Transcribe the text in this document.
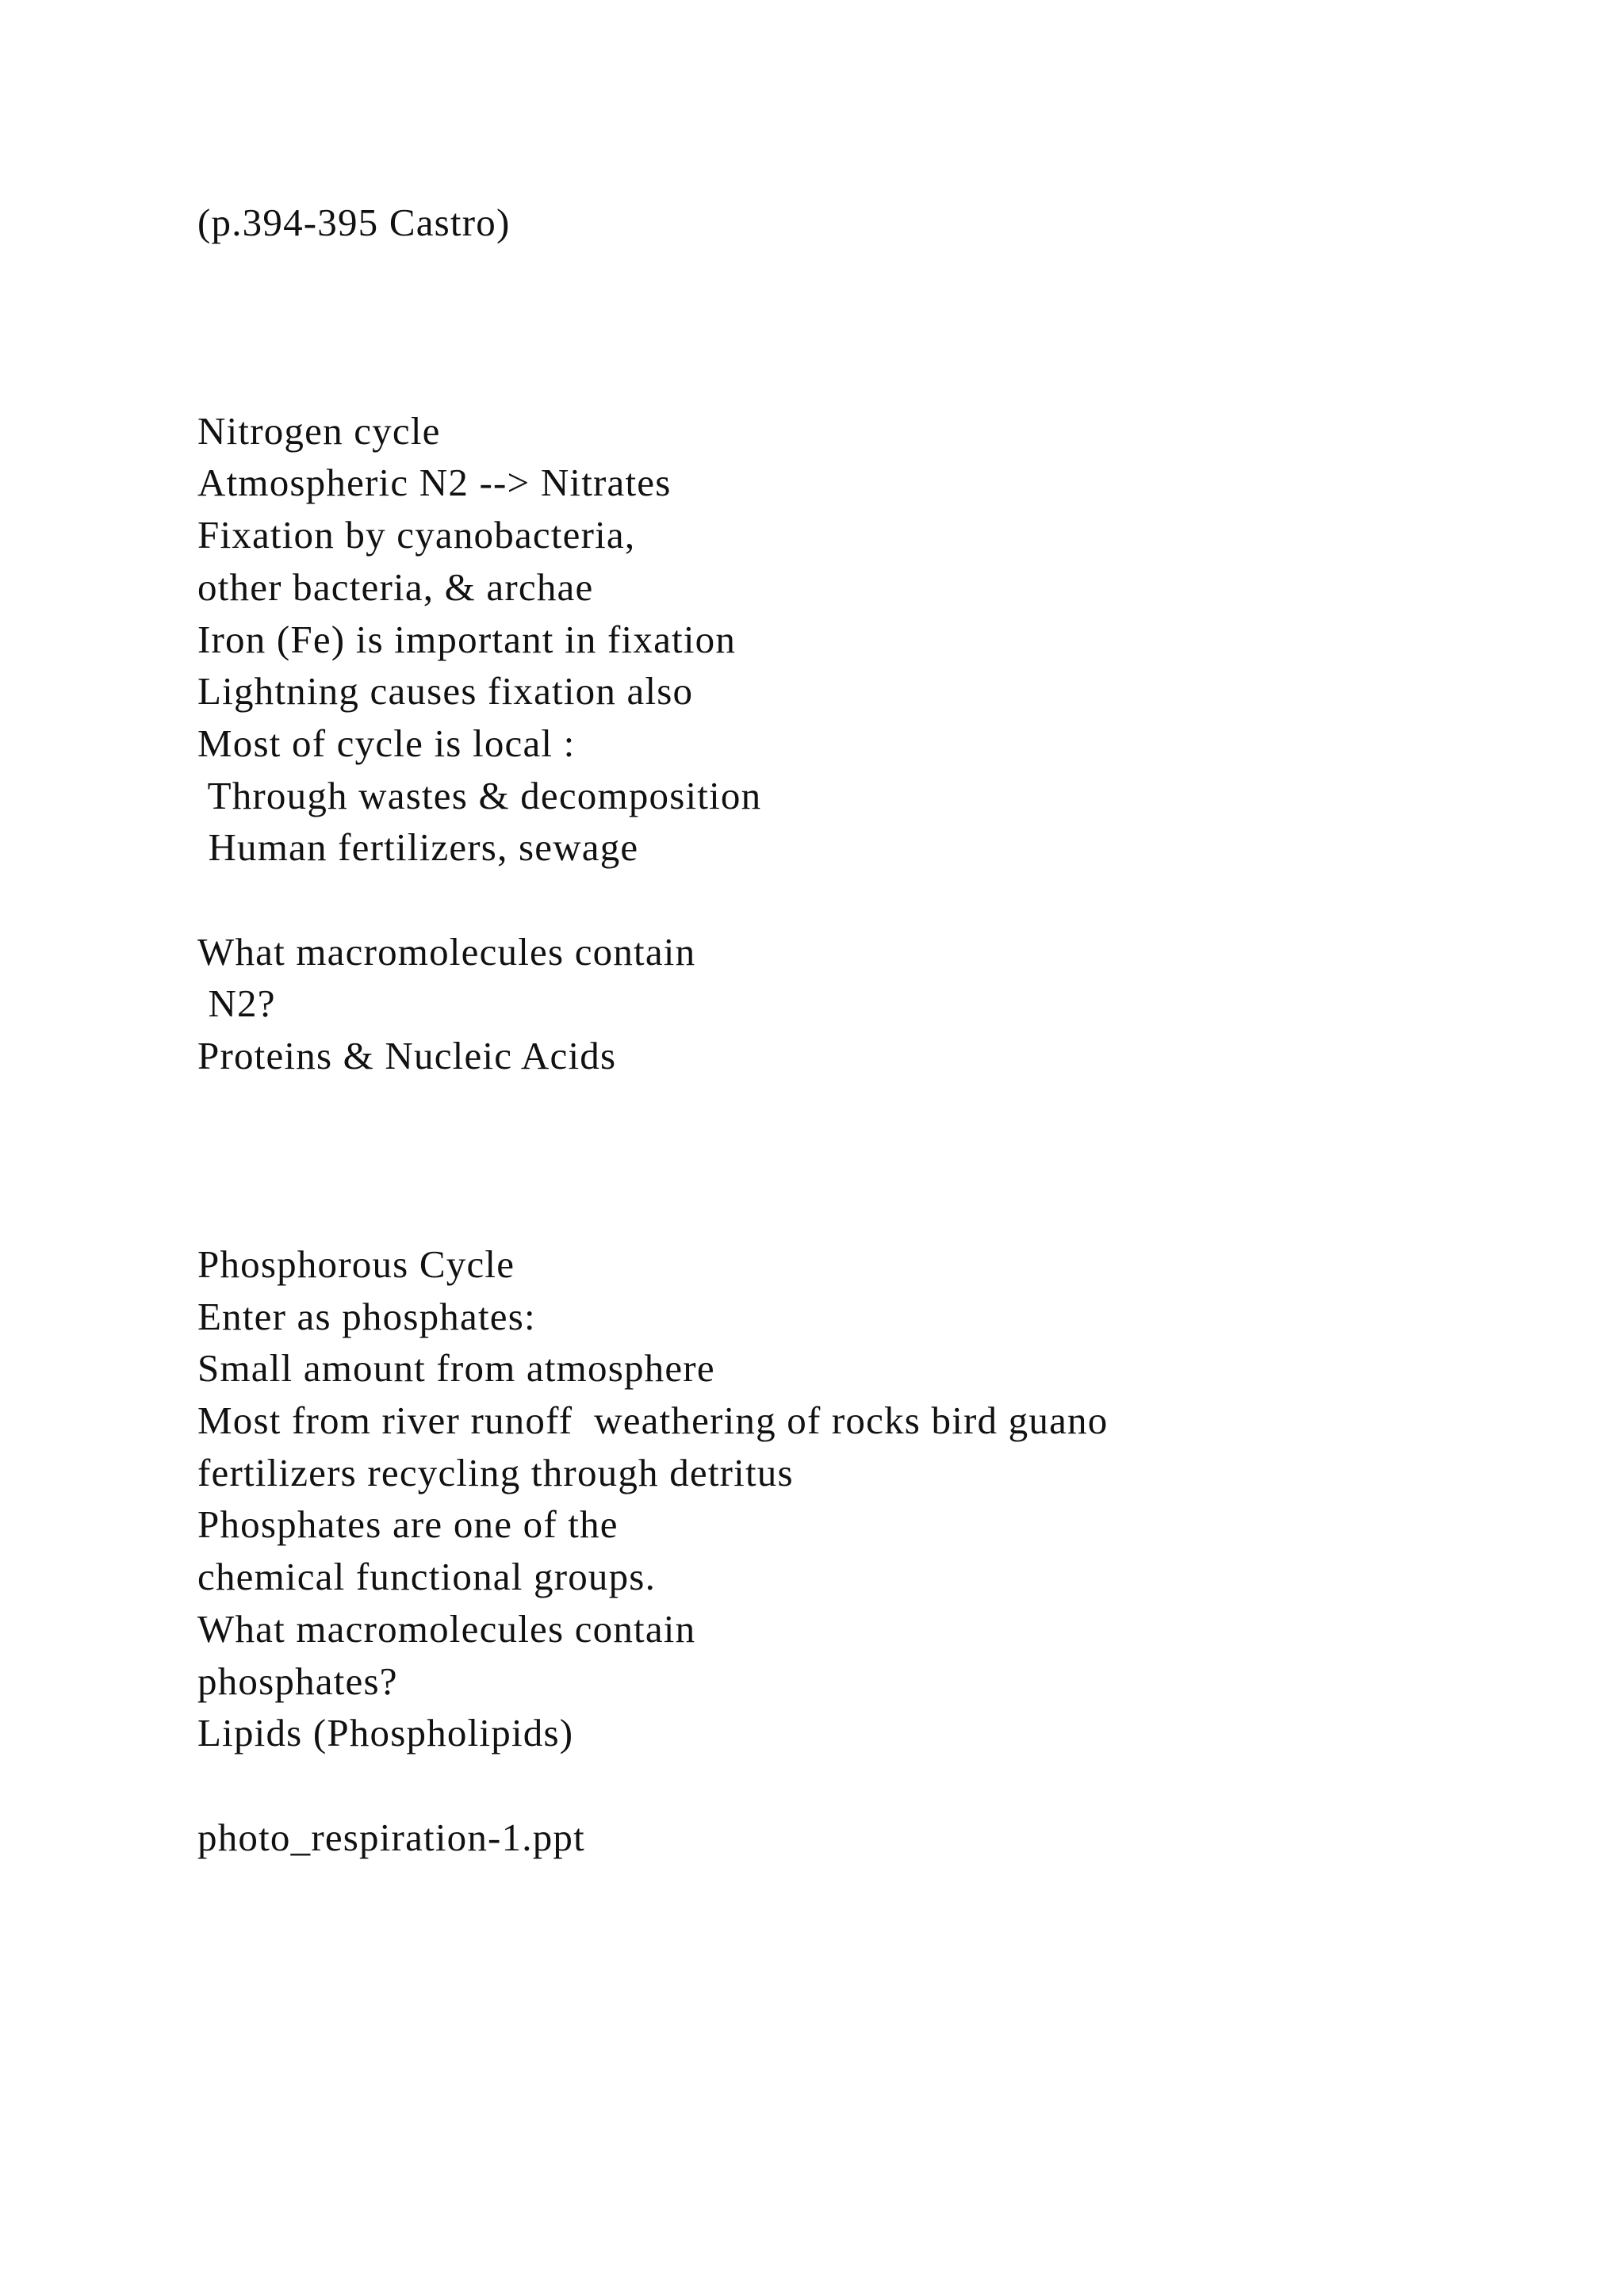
(p.394-395 Castro)
Nitrogen cycle
Atmospheric N2 --> Nitrates
Fixation by cyanobacteria,
other bacteria, & archae
Iron (Fe) is important in fixation
Lightning causes fixation also
Most of cycle is local :
Through wastes & decomposition
Human fertilizers, sewage
What macromolecules contain
N2?
Proteins & Nucleic Acids
Phosphorous Cycle
Enter as phosphates:
Small amount from atmosphere
Most from river runoff  weathering of rocks bird guano
fertilizers recycling through detritus
Phosphates are one of the
chemical functional groups.
What macromolecules contain
phosphates?
Lipids (Phospholipids)
photo_respiration-1.ppt
